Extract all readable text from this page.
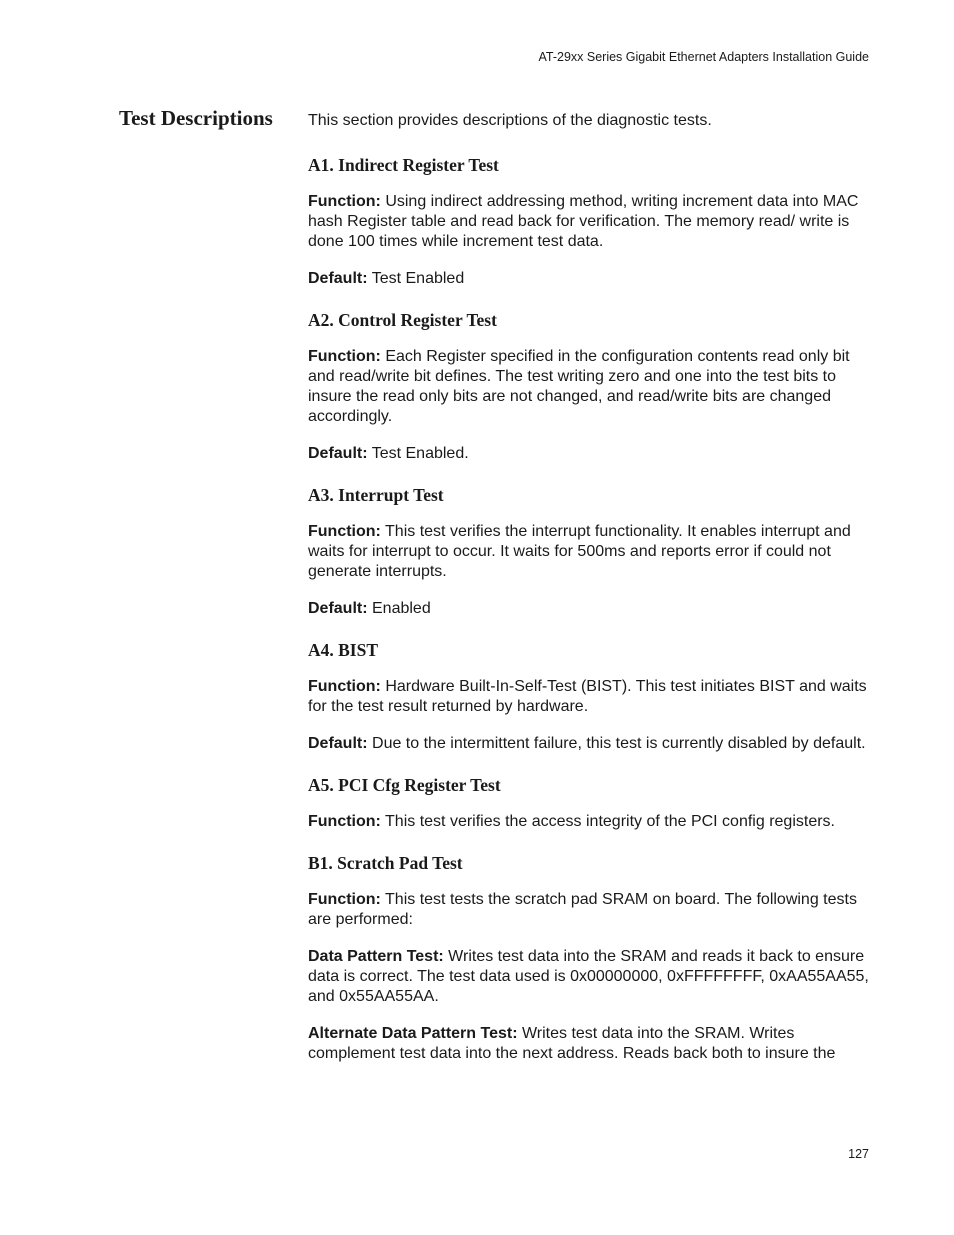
AT-29xx Series Gigabit Ethernet Adapters Installation Guide
Test Descriptions This section provides descriptions of the diagnostic tests.

A1. Indirect Register Test

Function: Using indirect addressing method, writing increment data into MAC hash Register table and read back for verification. The memory read/ write is done 100 times while increment test data.

Default: Test Enabled

A2. Control Register Test

Function: Each Register specified in the configuration contents read only bit and read/write bit defines. The test writing zero and one into the test bits to insure the read only bits are not changed, and read/write bits are changed accordingly.

Default: Test Enabled.

A3. Interrupt Test

Function: This test verifies the interrupt functionality. It enables interrupt and waits for interrupt to occur. It waits for 500ms and reports error if could not generate interrupts.

Default: Enabled

A4. BIST

Function: Hardware Built-In-Self-Test (BIST). This test initiates BIST and waits for the test result returned by hardware.

Default: Due to the intermittent failure, this test is currently disabled by default.

A5. PCI Cfg Register Test

Function: This test verifies the access integrity of the PCI config registers.

B1. Scratch Pad Test

Function: This test tests the scratch pad SRAM on board. The following tests are performed:

Data Pattern Test: Writes test data into the SRAM and reads it back to ensure data is correct. The test data used is 0x00000000, 0xFFFFFFFF, 0xAA55AA55, and 0x55AA55AA.

Alternate Data Pattern Test: Writes test data into the SRAM. Writes complement test data into the next address. Reads back both to insure the

127
